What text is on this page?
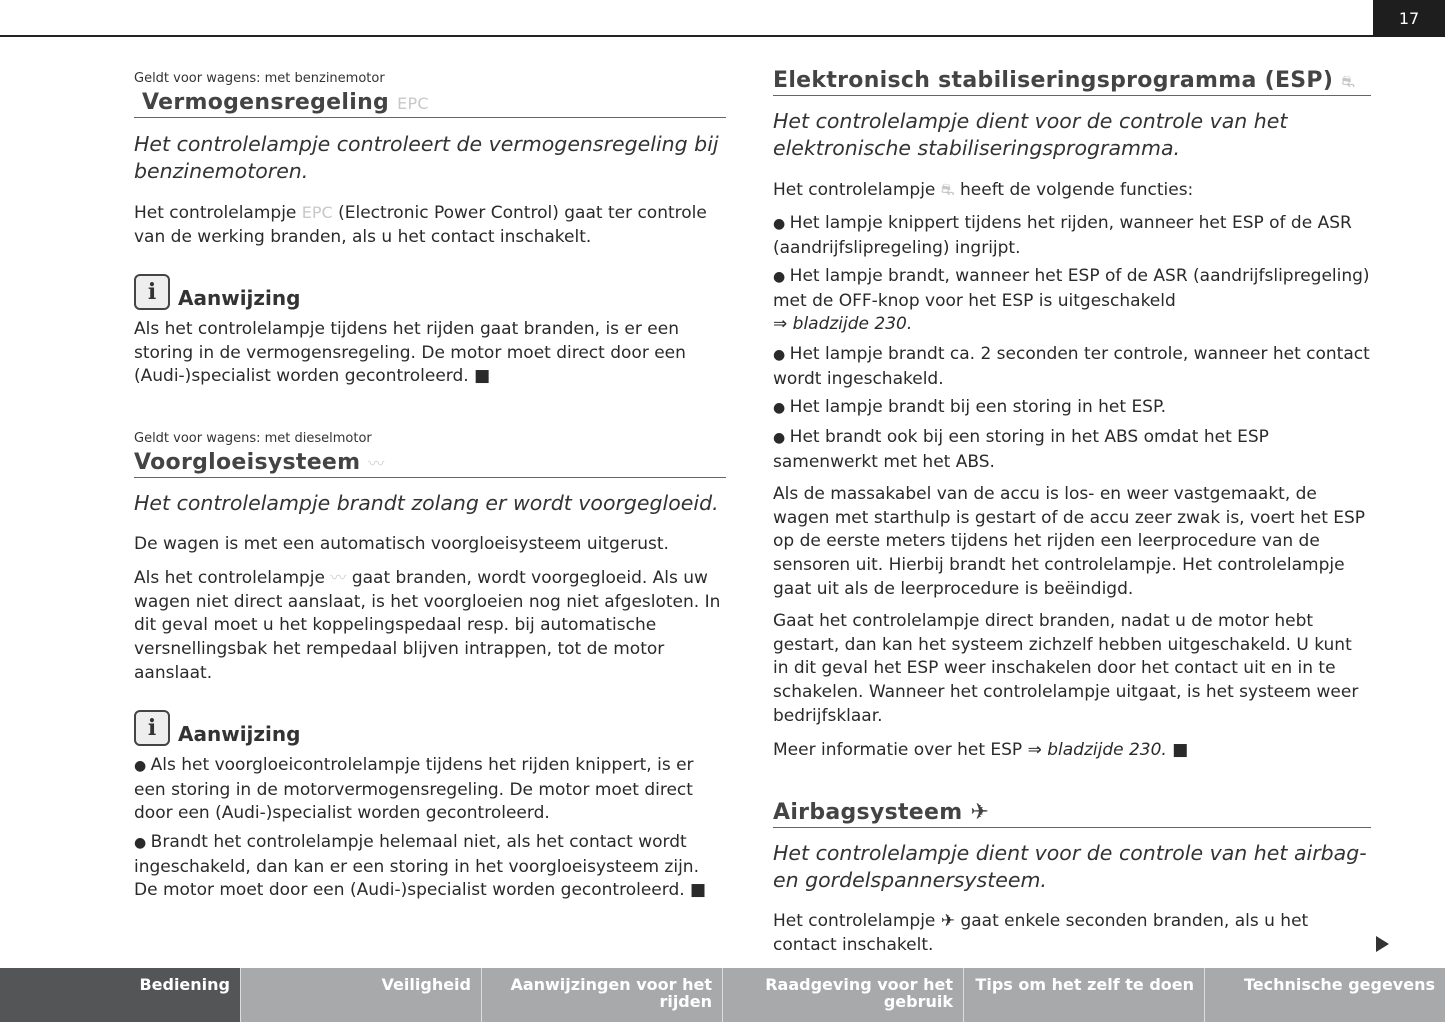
17
Geldt voor wagens: met benzinemotor
Vermogensregeling EPC
Het controlelampje controleert de vermogensregeling bij benzinemotoren.
Het controlelampje EPC (Electronic Power Control) gaat ter controle van de werking branden, als u het contact inschakelt.
i	Aanwijzing
Als het controlelampje tijdens het rijden gaat branden, is er een storing in de vermogensregeling. De motor moet direct door een (Audi-)specialist worden gecontroleerd. ■
Geldt voor wagens: met dieselmotor
Voorgloeisysteem 〰
Het controlelampje brandt zolang er wordt voorgegloeid.
De wagen is met een automatisch voorgloeisysteem uitgerust.
Als het controlelampje 〰 gaat branden, wordt voorgegloeid. Als uw wagen niet direct aanslaat, is het voorgloeien nog niet afgesloten. In dit geval moet u het koppelingspedaal resp. bij automatische versnellingsbak het rempedaal blijven intrappen, tot de motor aanslaat.
i	Aanwijzing
● Als het voorgloeicontrolelampje tijdens het rijden knippert, is er een storing in de motorvermogensregeling. De motor moet direct door een (Audi-)specialist worden gecontroleerd.
● Brandt het controlelampje helemaal niet, als het contact wordt ingeschakeld, dan kan er een storing in het voorgloeisysteem zijn. De motor moet door een (Audi-)specialist worden gecontroleerd. ■
Elektronisch stabiliseringsprogramma (ESP) ⛐
Het controlelampje dient voor de controle van het elektronische stabiliseringsprogramma.
Het controlelampje ⛐ heeft de volgende functies:
● Het lampje knippert tijdens het rijden, wanneer het ESP of de ASR (aandrijfslipregeling) ingrijpt.
● Het lampje brandt, wanneer het ESP of de ASR (aandrijfslipregeling) met de OFF-knop voor het ESP is uitgeschakeld
⇒ bladzijde 230.
● Het lampje brandt ca. 2 seconden ter controle, wanneer het contact wordt ingeschakeld.
● Het lampje brandt bij een storing in het ESP.
● Het brandt ook bij een storing in het ABS omdat het ESP samenwerkt met het ABS.
Als de massakabel van de accu is los- en weer vastgemaakt, de wagen met starthulp is gestart of de accu zeer zwak is, voert het ESP op de eerste meters tijdens het rijden een leerprocedure van de sensoren uit. Hierbij brandt het controlelampje. Het controlelampje gaat uit als de leerprocedure is beëindigd.
Gaat het controlelampje direct branden, nadat u de motor hebt gestart, dan kan het systeem zichzelf hebben uitgeschakeld. U kunt in dit geval het ESP weer inschakelen door het contact uit en in te schakelen. Wanneer het controlelampje uitgaat, is het systeem weer bedrijfsklaar.
Meer informatie over het ESP ⇒ bladzijde 230. ■
Airbagsysteem ✈
Het controlelampje dient voor de controle van het airbag- en gordelspannersysteem.
Het controlelampje ✈ gaat enkele seconden branden, als u het contact inschakelt.
Bediening	Veiligheid	Aanwijzingen voor het rijden
Raadgeving voor het gebruik
Tips om het zelf te doen	Technische gegevens
